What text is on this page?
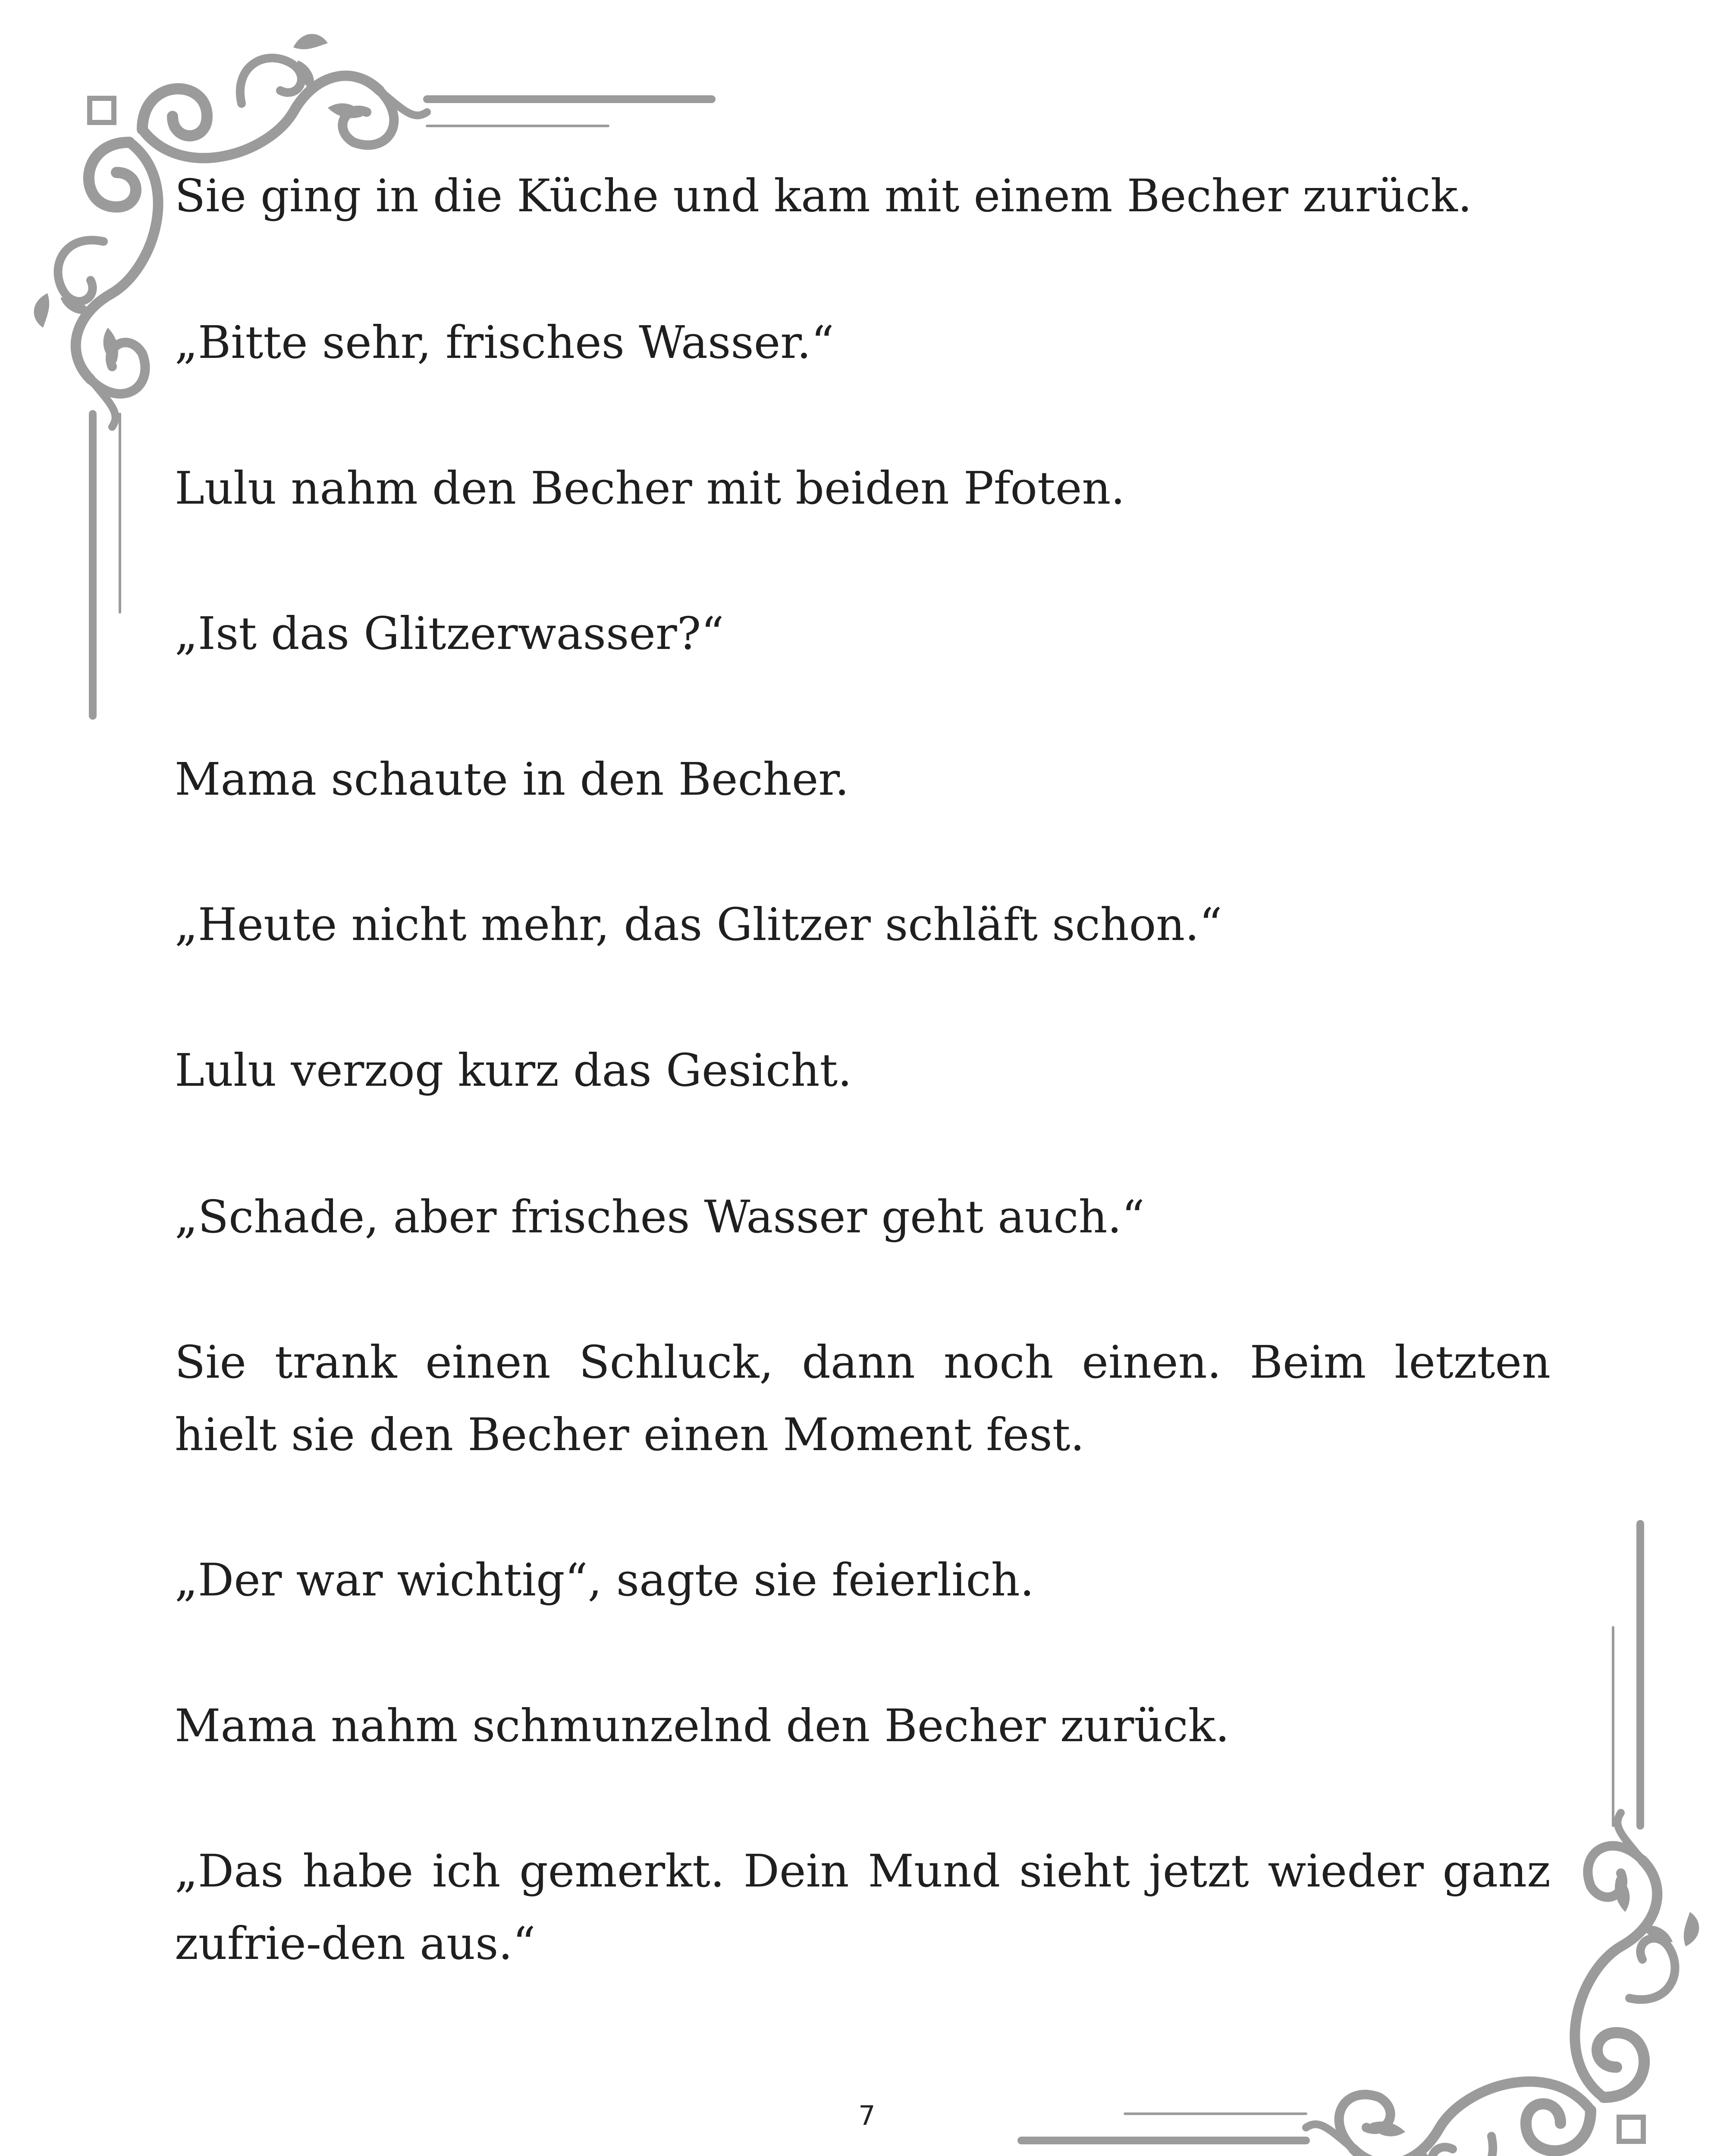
Sie ging in die Küche und kam mit einem Becher zurück.

„Bitte sehr, frisches Wasser.“

Lulu nahm den Becher mit beiden Pfoten.

„Ist das Glitzerwasser?“

Mama schaute in den Becher.

„Heute nicht mehr, das Glitzer schläft schon.“

Lulu verzog kurz das Gesicht.

„Schade, aber frisches Wasser geht auch.“

Sie trank einen Schluck, dann noch einen. Beim letzten hielt sie den Becher einen Moment fest.

„Der war wichtig“, sagte sie feierlich.

Mama nahm schmunzelnd den Becher zurück.

„Das habe ich gemerkt. Dein Mund sieht jetzt wieder ganz zufrie-den aus.“

7
